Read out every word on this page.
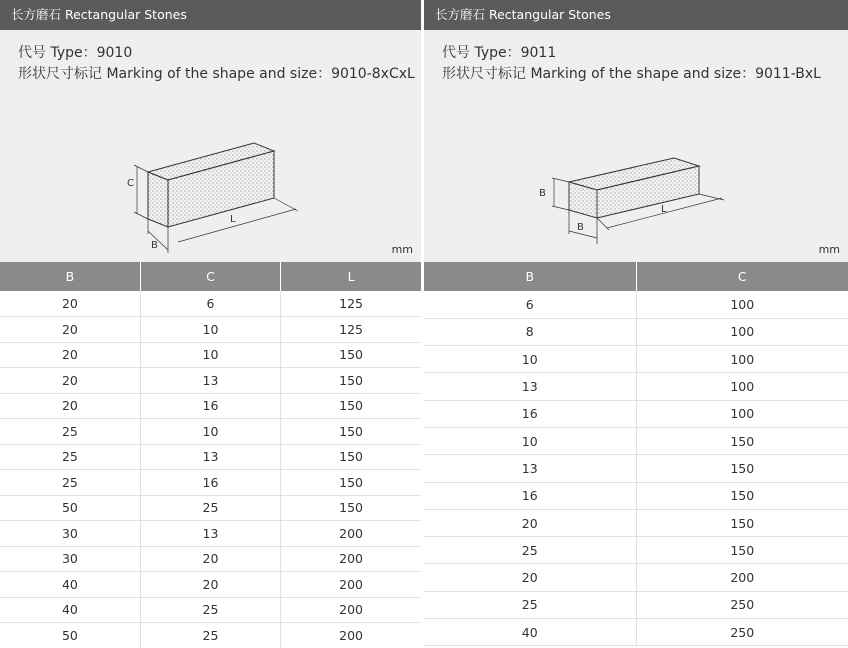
长方磨石 Rectangular Stones
代号 Type：9010
形状尺寸标记 Marking of the shape and size：9010-8xCxL
C
B
L
mm
B	C	L
20	6	125
20	10	125
20	10	150
20	13	150
20	16	150
25	10	150
25	13	150
25	16	150
50	25	150
30	13	200
30	20	200
40	20	200
40	25	200
50	25	200
长方磨石 Rectangular Stones
代号 Type：9011
形状尺寸标记 Marking of the shape and size：9011-BxL
B
B
L
mm
B	C
6	100
8	100
10	100
13	100
16	100
10	150
13	150
16	150
20	150
25	150
20	200
25	250
40	250
